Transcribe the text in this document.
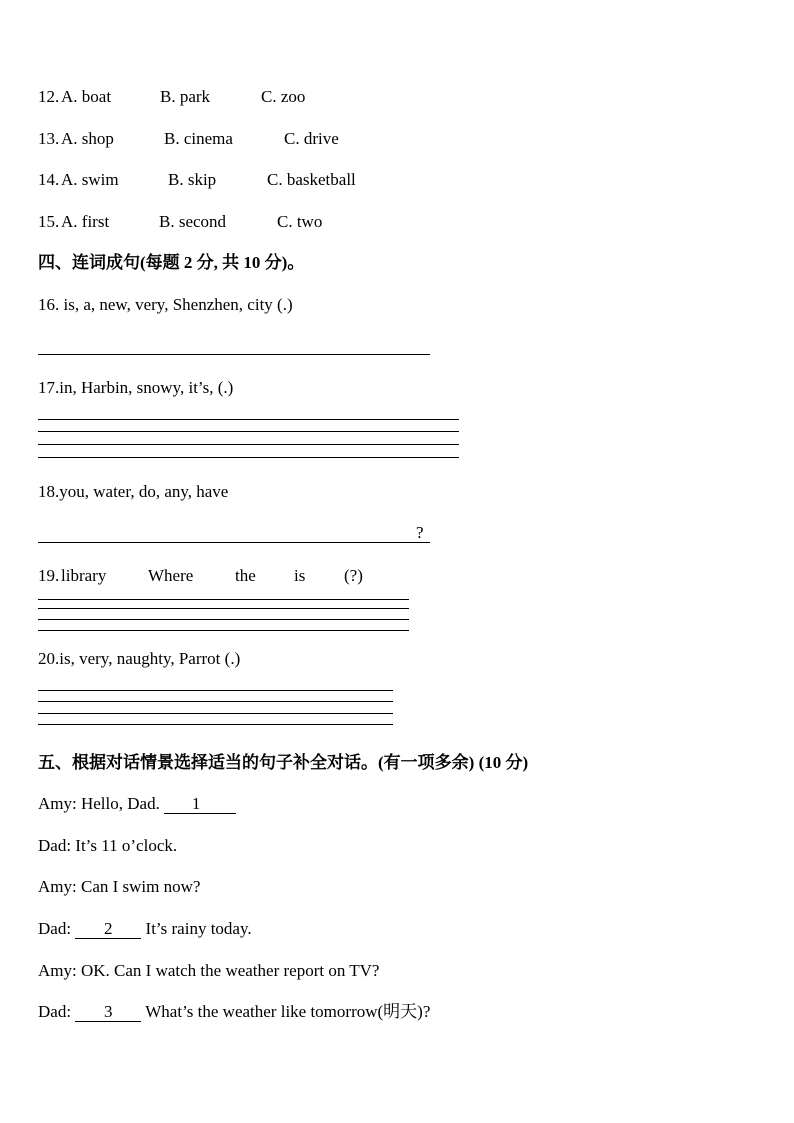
12. A. boat	B. park	C. zoo
13. A. shop	B. cinema	C. drive
14. A. swim	B. skip	C. basketball
15. A. first	B. second	C. two
四、连词成句(每题 2 分, 共 10 分)。
16. is, a, new, very, Shenzhen, city (.)
17.in, Harbin, snowy, it’s, (.)
18.you, water, do, any, have
?
19. library Where the is (?)
20.is, very, naughty, Parrot (.)
五、根据对话情景选择适当的句子补全对话。(有一项多余) (10 分)
Amy: Hello, Dad. 1
Dad: It’s 11 o’clock.
Amy: Can I swim now?
Dad: 2 It’s rainy today.
Amy: OK. Can I watch the weather report on TV?
Dad: 3 What’s the weather like tomorrow(明天)?
